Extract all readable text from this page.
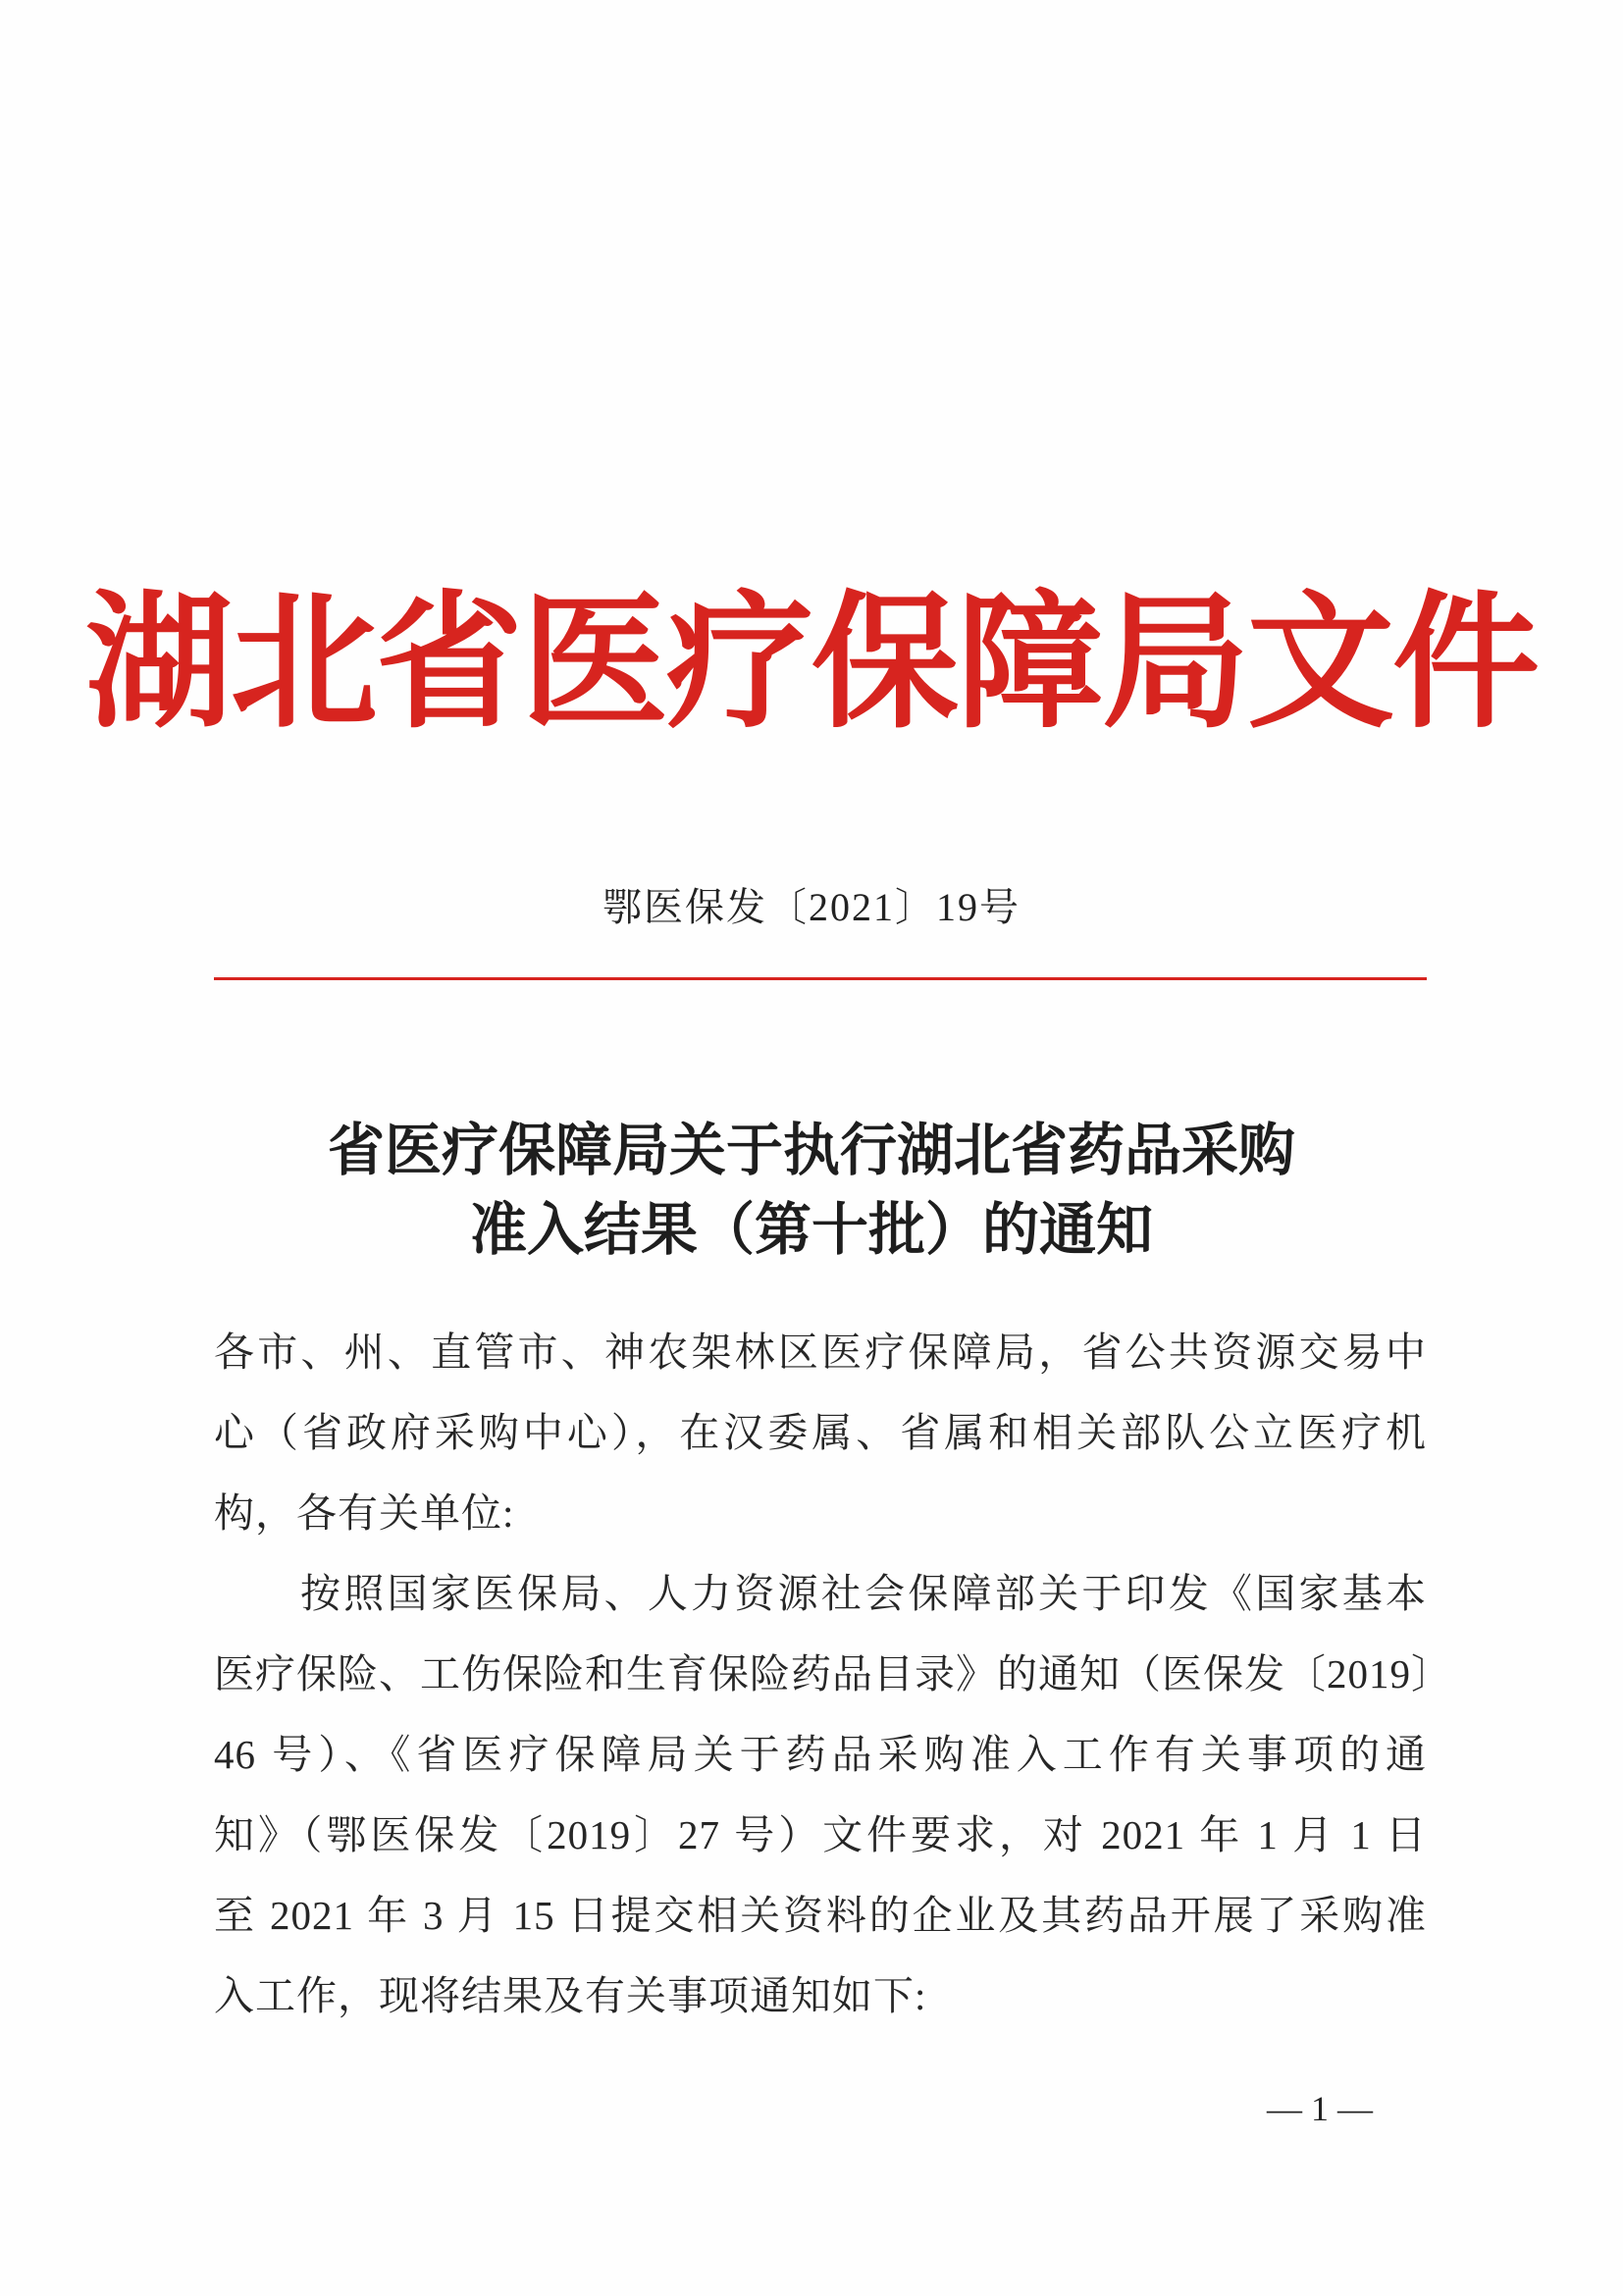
湖北省医疗保障局文件
鄂医保发〔2021〕19号
省医疗保障局关于执行湖北省药品采购
准入结果（第十批）的通知
各市、州、直管市、神农架林区医疗保障局，省公共资源交易中
心（省政府采购中心），在汉委属、省属和相关部队公立医疗机
构，各有关单位:
按照国家医保局、人力资源社会保障部关于印发《国家基本
医疗保险、工伤保险和生育保险药品目录》的通知（医保发〔2019〕
46 号）、《省医疗保障局关于药品采购准入工作有关事项的通
知》（鄂医保发〔2019〕27 号）文件要求，对 2021 年 1 月 1 日
至 2021 年 3 月 15 日提交相关资料的企业及其药品开展了采购准
入工作，现将结果及有关事项通知如下:
— 1 —
